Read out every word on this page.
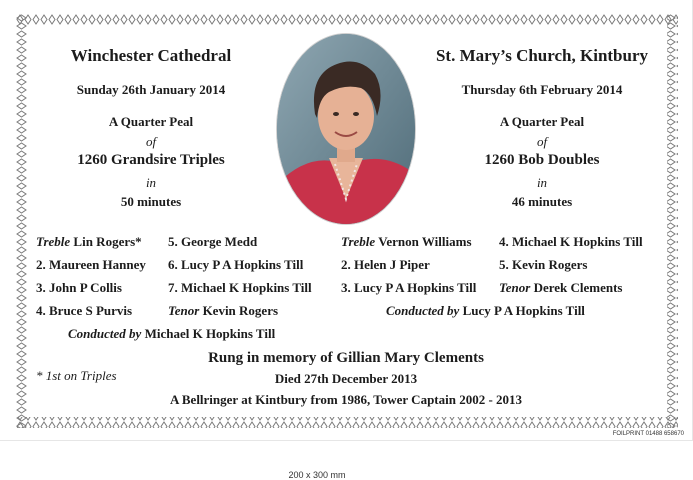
Winchester Cathedral
Sunday 26th January 2014
A Quarter Peal
of
1260 Grandsire Triples
in
50 minutes
St. Mary’s Church, Kintbury
Thursday 6th February 2014
A Quarter Peal
of
1260 Bob Doubles
in
46 minutes
Treble Lin Rogers*
2. Maureen Hanney
3. John P Collis
4. Bruce S Purvis
5. George Medd
6. Lucy P A Hopkins Till
7. Michael K Hopkins Till
Tenor Kevin Rogers
Conducted by Michael K Hopkins Till
Treble Vernon Williams
2. Helen J Piper
3. Lucy P A Hopkins Till
4. Michael K Hopkins Till
5. Kevin Rogers
Tenor Derek Clements
Conducted by Lucy P A Hopkins Till
* 1st on Triples
Rung in memory of Gillian Mary Clements
Died 27th December 2013
A Bellringer at Kintbury from 1986, Tower Captain 2002 - 2013
FOILPRINT 01488 658670
200 x 300 mm
